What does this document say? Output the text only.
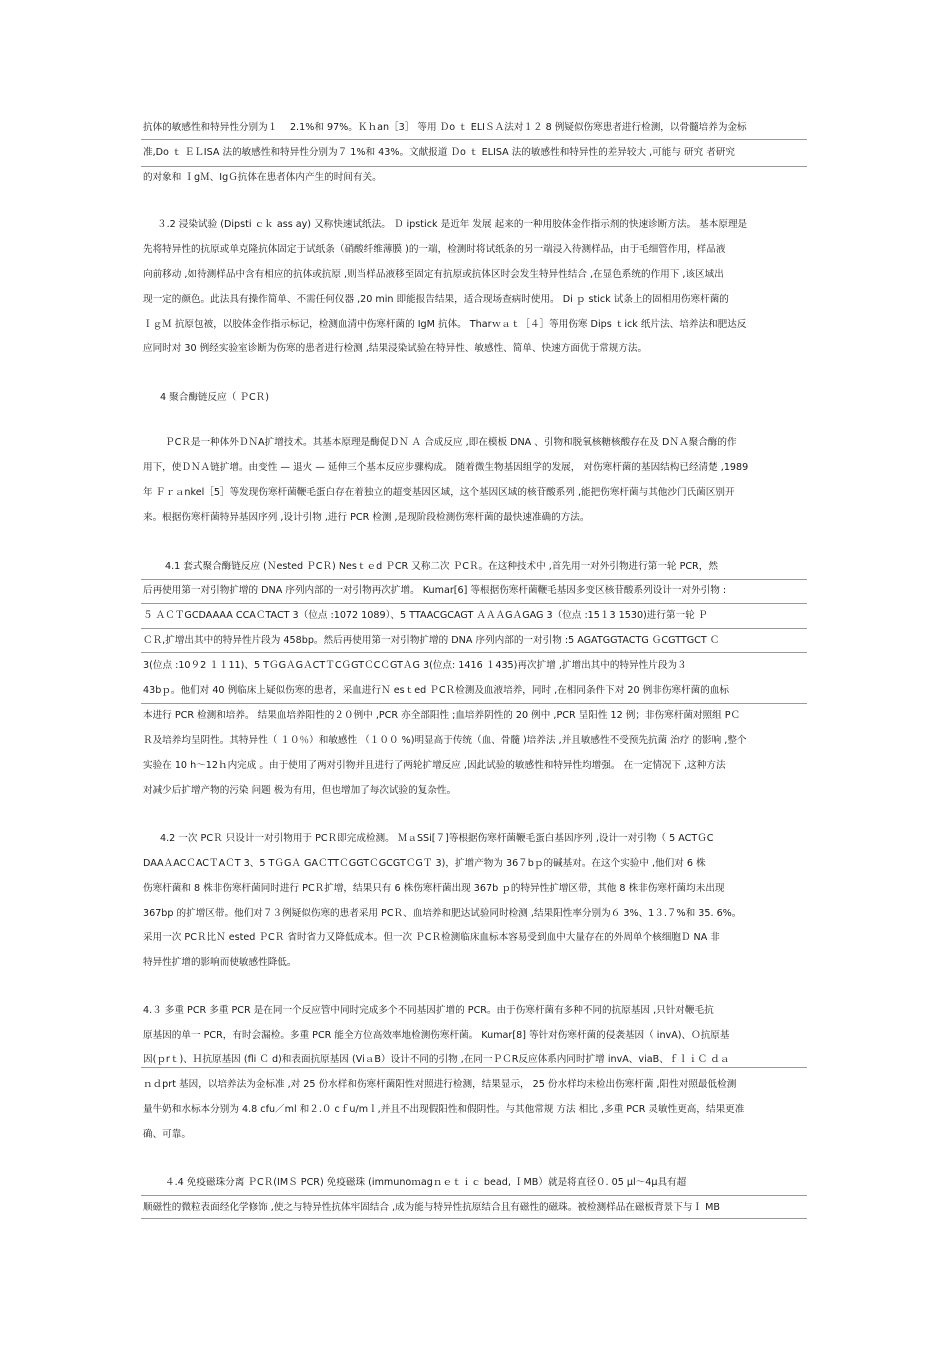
抗体的敏感性和特异性分别为１　 2.1%和 97%。Ｋｈan［3］ 等用 Ｄo ｔ ELIＳＡ法对１２ 8 例疑似伤寒患者进行检测，以骨髓培养为金标
准,Do ｔ ＥＬISA 法的敏感性和特异性分别为７ 1%和 43%。文献报道 Ｄo ｔ ELISA 法的敏感性和特异性的差异较大 ,可能与 研究 者研究
的对象和 ＩgＭ、IgＧ抗体在患者体内产生的时间有关。
３.2 浸染试验 (Dipsti ｃｋ ass ay) 又称快速试纸法。 Ｄ ipstick 是近年 发展 起来的一种用胶体金作指示剂的快速诊断方法。 基本原理是
先将特异性的抗原或单克隆抗体固定于试纸条（硝酸纤维薄膜 )的一端，检测时将试纸条的另一端浸入待测样品，由于毛细管作用，样品液
向前移动 ,如待测样品中含有相应的抗体或抗原 ,则当样品液移至固定有抗原或抗体区时会发生特异性结合 ,在显色系统的作用下 ,该区域出
现一定的颜色。此法具有操作简单、不需任何仪器 ,20 min 即能报告结果，适合现场查病时使用。 Di ｐ stick 试条上的固相用伤寒杆菌的
ＩｇＭ 抗原包被，以胶体金作指示标记，检测血清中伤寒杆菌的 IgM 抗体。 Tharｗａｔ［４］等用伤寒 Dips ｔick 纸片法、培养法和肥达反
应同时对 30 例经实验室诊断为伤寒的患者进行检测 ,结果浸染试验在特异性、敏感性、简单、快速方面优于常规方法。
4 聚合酶链反应（ ＰCＲ)
ＰCＲ是一种体外ＤＮA扩增技术。其基本原理是酶促ＤＮ Ａ 合成反应 ,即在模板 DNA 、引物和脱氧核糖核酸存在及 DＮＡ聚合酶的作
用下，使ＤＮＡ链扩增。由变性 — 退火 — 延伸三个基本反应步骤构成。 随着微生物基因组学的发展， 对伤寒杆菌的基因结构已经清楚 ,1989
年 Ｆｒａnkel［5］等发现伤寒杆菌鞭毛蛋白存在着独立的超变基因区域，这个基因区域的核苷酸系列 ,能把伤寒杆菌与其他沙门氏菌区别开
来。根据伤寒杆菌特异基因序列 ,设计引物 ,进行 PCR 检测 ,是现阶段检测伤寒杆菌的最快速准确的方法。
4.1 套式聚合酶链反应 (Ｎested ＰCＲ) Nesｔｅd ＰCR 又称二次 ＰCＲ。在这种技术中 ,首先用一对外引物进行第一轮 PCR，然
后再使用第一对引物扩增的 DNA 序列内部的一对引物再次扩增。 Kumar[6] 等根据伤寒杆菌鞭毛基因多变区核苷酸系列设计一对外引物 :
５ ＡＣＴGCDAAAA CCAＣTACT 3（位点 :1072 1089）、5 TTAACGCAGT ＡＡＡGＡGAG 3（位点 :15１3 1530)进行第一轮 Ｐ
ＣＲ,扩增出其中的特异性片段为 458bp。然后再使用第一对引物扩增的 DNA 序列内部的一对引物 :5 AGATGGTACTG ＧCGTTGCT Ｃ
3(位点 :10９2 １１11)、5 TＧGＡGＡCTＴCＧGTＣCＣGTＡG 3(位点: 1416 １435)再次扩增 ,扩增出其中的特异性片段为３
43bｐ。他们对 40 例临床上疑似伤寒的患者，采血进行Ｎ esｔed ＰCＲ检测及血液培养，同时 ,在相同条件下对 20 例非伤寒杆菌的血标
本进行 PCR 检测和培养。 结果血培养阳性的２０例中 ,PCR 亦全部阳性 ;血培养阴性的 20 例中 ,PCR 呈阳性 12 例；非伤寒杆菌对照组 PＣ
Ｒ及培养均呈阴性。其特异性（ １０％）和敏感性 （１００ %)明显高于传统（血、骨髓 )培养法 ,并且敏感性不受预先抗菌 治疗 的影响 ,整个
实验在 10 h～12ｈ内完成 。由于使用了两对引物并且进行了两轮扩增反应 ,因此试验的敏感性和特异性均增强。 在一定情况下 ,这种方法
对减少后扩增产物的污染 问题 极为有用，但也增加了每次试验的复杂性。
4.2 一次 PCＲ 只设计一对引物用于 PCＲ即完成检测。 ＭａSSi[７]等根据伤寒杆菌鞭毛蛋白基因序列 ,设计一对引物（ 5 ACTＧC
DAAＡACＣACＴAＣT 3、5 TＧGＡ GAＣTTＣGGTＣGCGTＣGＴ 3)，扩增产物为 36７bｐ的碱基对。在这个实验中 ,他们对 6 株
伤寒杆菌和 8 株非伤寒杆菌同时进行 PCＲ扩增，结果只有 6 株伤寒杆菌出现 367b ｐ的特异性扩增区带，其他 8 株非伤寒杆菌均未出现
367bp 的扩增区带。他们对７３例疑似伤寒的患者采用 PCＲ、血培养和肥达试验同时检测 ,结果阳性率分别为６ 3%、1３.７%和 35. 6%。
采用一次 PCＲ比Ｎ ested ＰCＲ 省时省力又降低成本。但一次 ＰCＲ检测临床血标本容易受到血中大量存在的外周单个核细胞Ｄ NA 非
特异性扩增的影响而使敏感性降低。
4.３ 多重 PCR 多重 PCR 是在同一个反应管中同时完成多个不同基因扩增的 PCR。由于伤寒杆菌有多种不同的抗原基因 ,只针对鞭毛抗
原基因的单一 PCR，有时会漏检。多重 PCR 能全方位高效率地检测伤寒杆菌。 Kumar[8] 等针对伤寒杆菌的侵袭基因（ invA)、Ｏ抗原基
因(ｐrｔ)、Ｈ抗原基因 (fli Ｃ d)和表面抗原基因 (ViａB）设计不同的引物 ,在同一ＰＣR反应体系内同时扩增 invA、viaB、ｆｌｉＣ ｄａ
ｎｄprt 基因，以培养法为金标准 ,对 25 份水样和伤寒杆菌阳性对照进行检测，结果显示， 25 份水样均未检出伤寒杆菌 ,阳性对照最低检测
量牛奶和水标本分别为 4.8 cfu／ml 和２.０ cｆu/mｌ,并且不出现假阳性和假阴性。与其他常规 方法 相比 ,多重 PCR 灵敏性更高，结果更准
确、可靠。
４.4 免疫磁珠分离 ＰCＲ(IMＳ PCR) 免疫磁珠 (immunoｍagｎｅｔｉｃ bead, ＩMB）就是将直径０. 05 μl～4μ具有超
顺磁性的微粒表面经化学修饰 ,使之与特异性抗体牢固结合 ,成为能与特异性抗原结合且有磁性的磁珠。被检测样品在磁板背景下与Ｉ MB
